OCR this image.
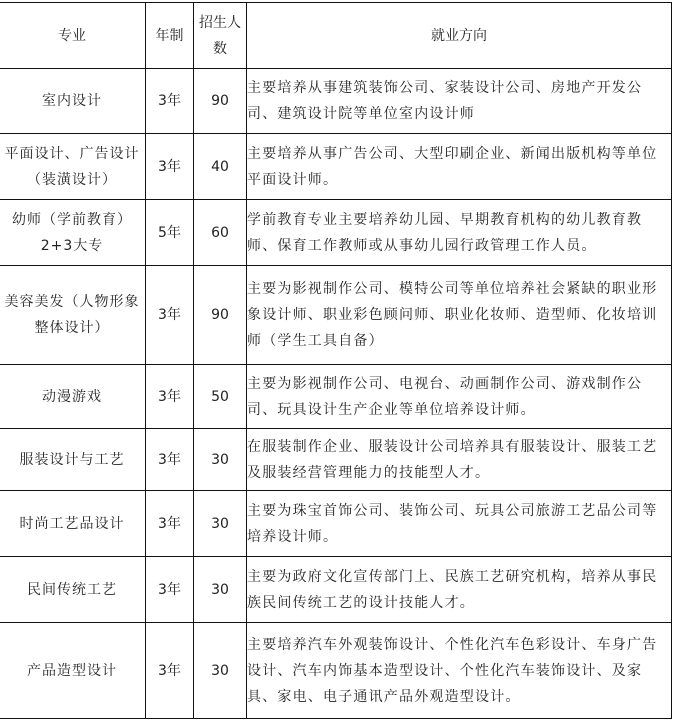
专业	年制	招生人数	就业方向
室内设计	3年	90	主要培养从事建筑装饰公司、家装设计公司、房地产开发公司、建筑设计院等单位室内设计师
平面设计、广告设计（装潢设计）	3年	40	主要培养从事广告公司、大型印刷企业、新闻出版机构等单位平面设计师。
幼师（学前教育）2+3大专	5年	60	学前教育专业主要培养幼儿园、早期教育机构的幼儿教育教师、保育工作教师或从事幼儿园行政管理工作人员。
美容美发（人物形象整体设计）	3年	90	主要为影视制作公司、模特公司等单位培养社会紧缺的职业形象设计师、职业彩色顾问师、职业化妆师、造型师、化妆培训师（学生工具自备）
动漫游戏	3年	50	主要为影视制作公司、电视台、动画制作公司、游戏制作公司、玩具设计生产企业等单位培养设计师。
服装设计与工艺	3年	30	在服装制作企业、服装设计公司培养具有服装设计、服装工艺及服装经营管理能力的技能型人才。
时尚工艺品设计	3年	30	主要为珠宝首饰公司、装饰公司、玩具公司旅游工艺品公司等培养设计师。
民间传统工艺	3年	30	主要为政府文化宣传部门上、民族工艺研究机构，培养从事民族民间传统工艺的设计技能人才。
产品造型设计	3年	30	主要培养汽车外观装饰设计、个性化汽车色彩设计、车身广告设计、汽车内饰基本造型设计、个性化汽车装饰设计、及家具、家电、电子通讯产品外观造型设计。
